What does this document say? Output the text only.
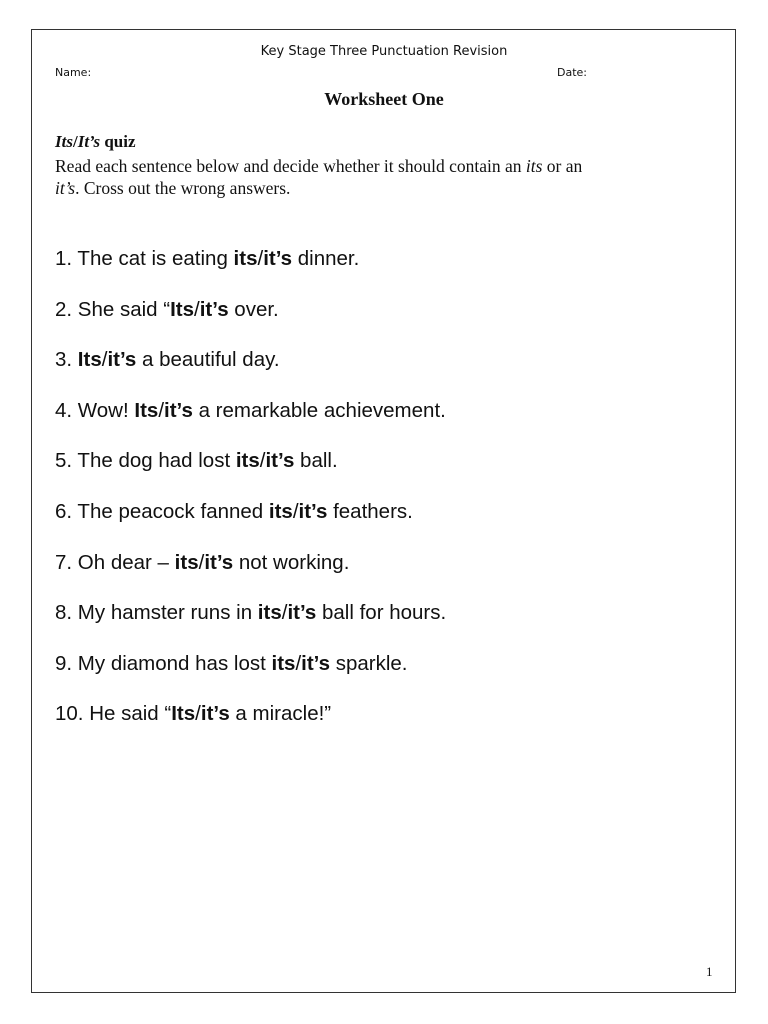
Key Stage Three Punctuation Revision
Name:	Date:
Worksheet One
Its/It’s quiz
Read each sentence below and decide whether it should contain an its or an
it’s. Cross out the wrong answers.
1. The cat is eating its/it’s dinner.
2. She said “Its/it’s over.
3. Its/it’s a beautiful day.
4. Wow! Its/it’s a remarkable achievement.
5. The dog had lost its/it’s ball.
6. The peacock fanned its/it’s feathers.
7. Oh dear – its/it’s not working.
8. My hamster runs in its/it’s ball for hours.
9. My diamond has lost its/it’s sparkle.
10. He said “Its/it’s a miracle!”
1
